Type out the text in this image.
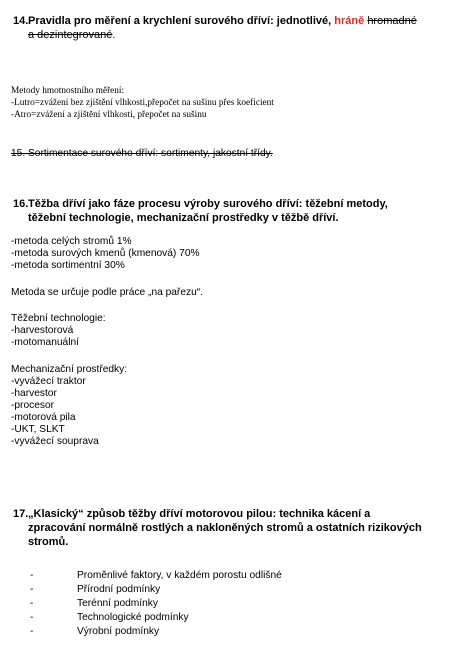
14. Pravidla pro měření a krychlení surového dříví: jednotlivé, hráně hromadné
a dezintegrované.
Metody hmotnostního měření:
-Lutro=zvážení bez zjištění vlhkosti,přepočet na sušinu přes koeficient
-Atro=zvážení a zjištění vlhkosti, přepočet na sušinu
15. Sortimentace surového dříví: sortimenty, jakostní třídy.
16. Těžba dříví jako fáze procesu výroby surového dříví: těžební metody,
těžební technologie, mechanizační prostředky v těžbě dříví.
-metoda celých stromů 1%
-metoda surových kmenů (kmenová) 70%
-metoda sortimentní 30%
Metoda se určuje podle práce „na pařezu“.
Těžební technologie:
-harvestorová
-motomanuální
Mechanizační prostředky:
-vyvážecí traktor
-harvestor
-procesor
-motorová pila
-UKT, SLKT
-vyvážecí souprava
17. „Klasický“ způsob těžby dříví motorovou pilou: technika kácení a
zpracování normálně rostlých a nakloněných stromů a ostatních rizikových
stromů.
-	Proměnlivé faktory, v každém porostu odlišné
-	Přírodní podmínky
-	Terénní podmínky
-	Technologické podmínky
-	Výrobní podmínky
